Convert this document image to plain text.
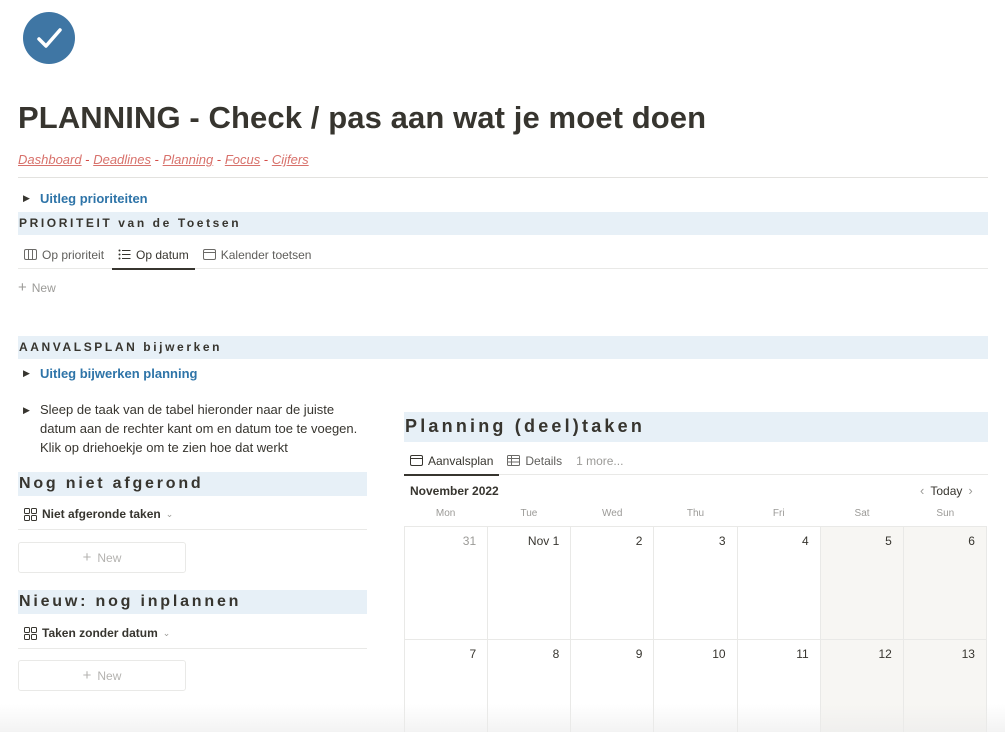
PLANNING - Check / pas aan wat je moet doen
Dashboard - Deadlines - Planning - Focus - Cijfers
▶ Uitleg prioriteiten
PRIORITEIT van de Toetsen
Op prioriteit	Op datum	Kalender toetsen
+ New
AANVALSPLAN bijwerken
▶ Uitleg bijwerken planning
▶ Sleep de taak van de tabel hieronder naar de juiste datum aan de rechter kant om en datum toe te voegen. Klik op driehoekje om te zien hoe dat werkt
Nog niet afgerond
Niet afgeronde taken ⌄
+ New
Nieuw: nog inplannen
Taken zonder datum ⌄
+ New
Planning (deel)taken
Aanvalsplan	Details 1 more...
November 2022	‹ Today ›
Mon	Tue	Wed	Thu	Fri	Sat	Sun
31	Nov 1	2	3	4	5	6
7	8	9	10	11	12	13
